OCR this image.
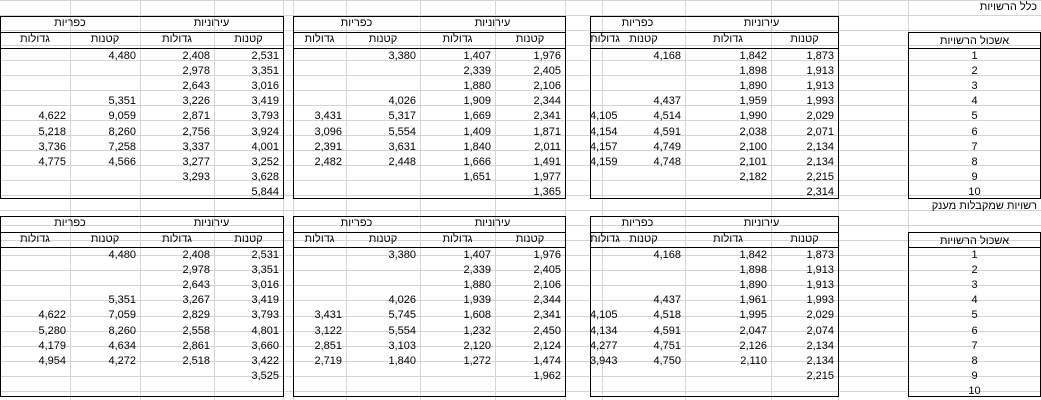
כלל הרשויות
אשכול הרשויות
1
2
3
4
5
6
7
8
9
10
עירוניות
כפריות
קטנות
גדולות
קטנות
גדולות
1,873
1,913
1,913
1,993
2,029
2,071
2,134
2,134
2,215
2,314
1,842
1,898
1,890
1,959
1,990
2,038
2,100
2,101
2,182
4,168
4,437
4,514
4,591
4,749
4,748
4,105
4,154
4,157
4,159
עירוניות
כפריות
קטנות
גדולות
קטנות
גדולות
1,976
2,405
2,106
2,344
2,341
1,871
2,011
1,491
1,977
1,365
1,407
2,339
1,880
1,909
1,669
1,409
1,840
1,666
1,651
3,380
4,026
5,317
5,554
3,631
2,448
3,431
3,096
2,391
2,482
עירוניות
כפריות
קטנות
גדולות
קטנות
גדולות
2,531
3,351
3,016
3,419
3,793
3,924
4,001
3,252
3,628
5,844
2,408
2,978
2,643
3,226
2,871
2,756
3,337
3,277
3,293
4,480
5,351
9,059
8,260
7,258
4,566
4,622
5,218
3,736
4,775
רשויות שמקבלות מענק
אשכול הרשויות
1
2
3
4
5
6
7
8
9
10
עירוניות
כפריות
קטנות
גדולות
קטנות
גדולות
1,873
1,913
1,913
1,993
2,029
2,074
2,134
2,134
2,215
1,842
1,898
1,890
1,961
1,995
2,047
2,126
2,110
4,168
4,437
4,518
4,591
4,751
4,750
4,105
4,134
4,277
3,943
עירוניות
כפריות
קטנות
גדולות
קטנות
גדולות
1,976
2,405
2,106
2,344
2,341
2,450
2,124
1,474
1,962
1,407
2,339
1,880
1,939
1,608
1,232
2,120
1,272
3,380
4,026
5,745
5,554
3,103
1,840
3,431
3,122
2,851
2,719
עירוניות
כפריות
קטנות
גדולות
קטנות
גדולות
2,531
3,351
3,016
3,419
3,793
4,801
3,660
3,422
3,525
2,408
2,978
2,643
3,267
2,829
2,558
2,861
2,518
4,480
5,351
7,059
8,260
4,634
4,272
4,622
5,280
4,179
4,954
